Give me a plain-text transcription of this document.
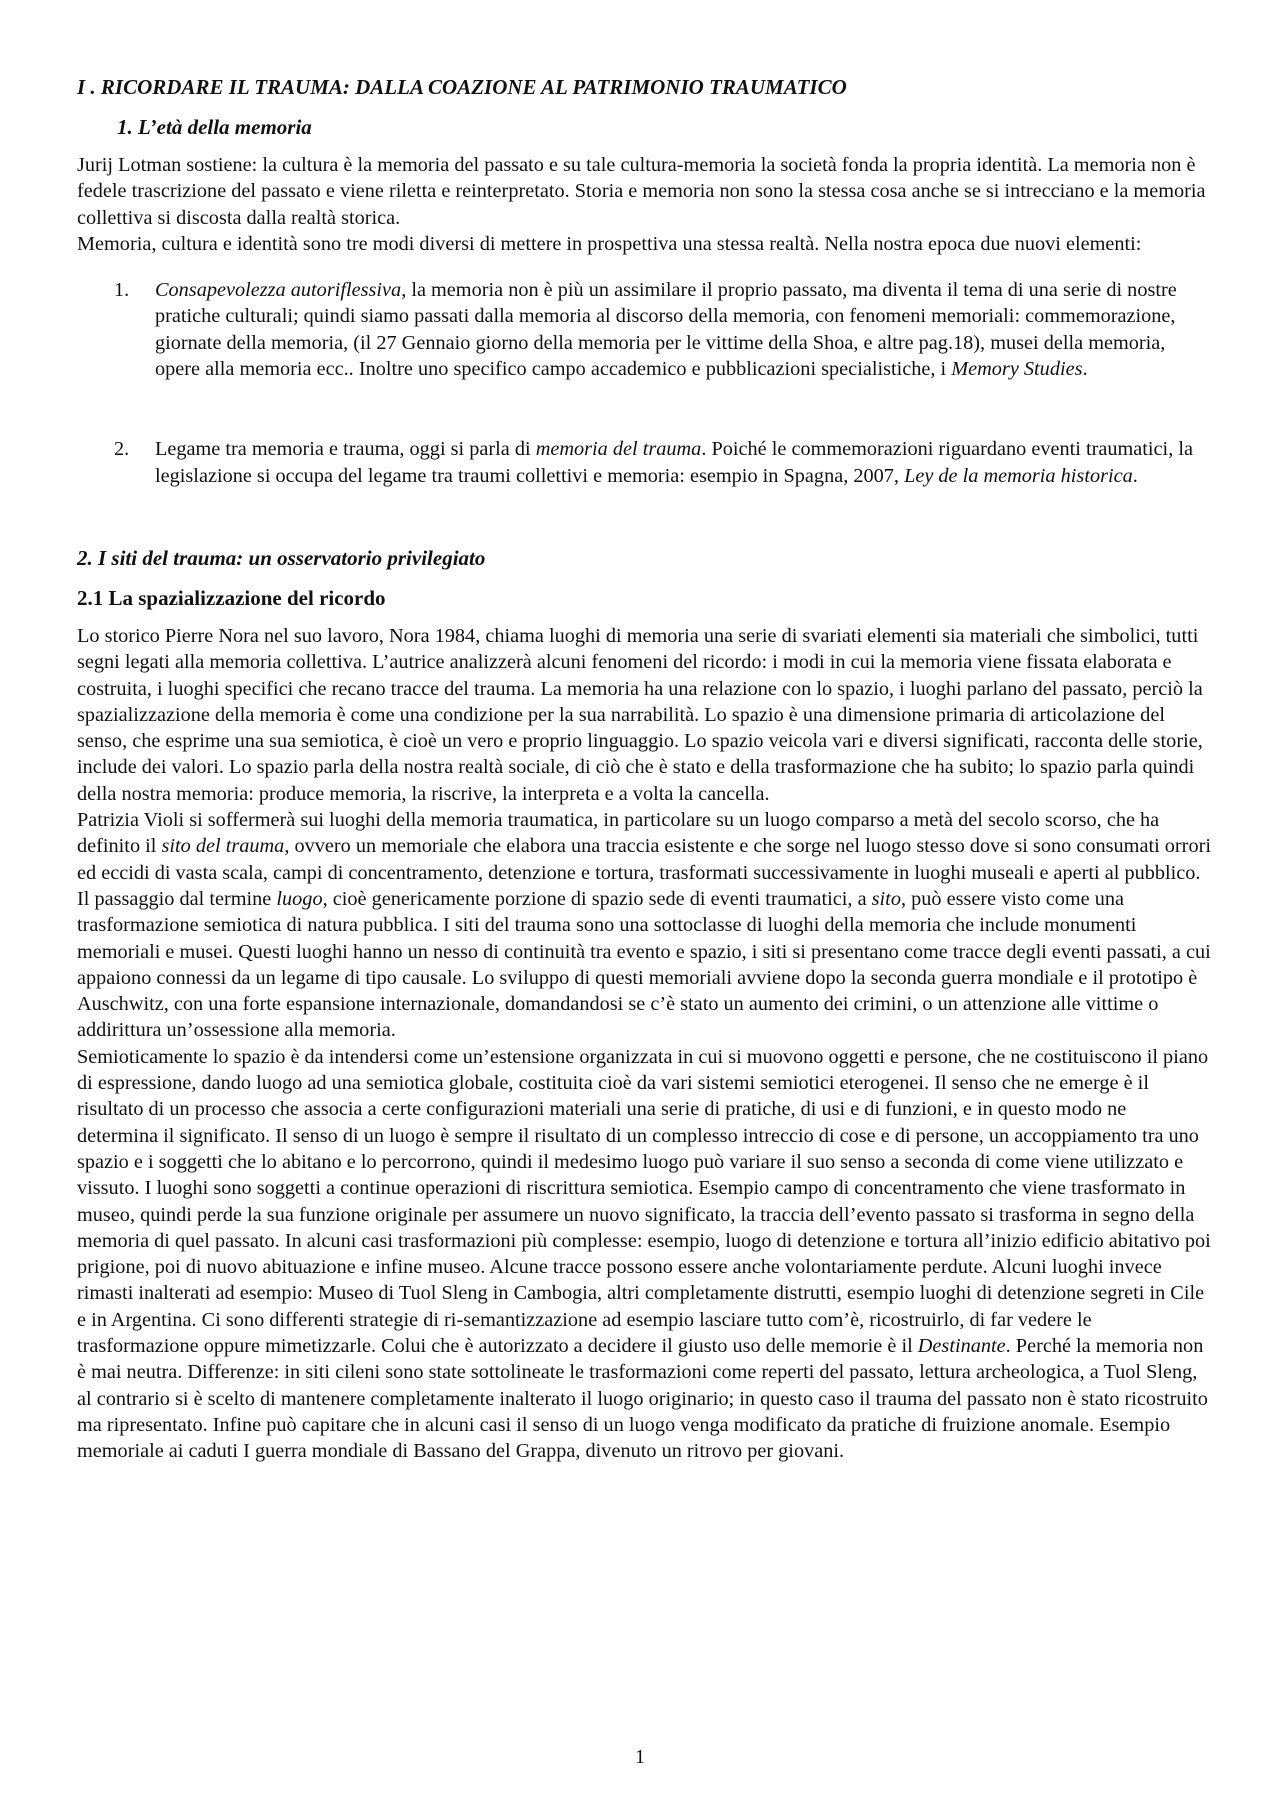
I . RICORDARE IL TRAUMA: DALLA COAZIONE AL PATRIMONIO TRAUMATICO
1. L’età della memoria

Jurij Lotman sostiene: la cultura è la memoria del passato e su tale cultura-memoria la società fonda la propria identità. La memoria non è fedele trascrizione del passato e viene riletta e reinterpretato. Storia e memoria non sono la stessa cosa anche se si intrecciano e la memoria collettiva si discosta dalla realtà storica.

Memoria, cultura e identità sono tre modi diversi di mettere in prospettiva una stessa realtà. Nella nostra epoca due nuovi elementi:

1. Consapevolezza autoriflessiva, la memoria non è più un assimilare il proprio passato, ma diventa il tema di una serie di nostre pratiche culturali; quindi siamo passati dalla memoria al discorso della memoria, con fenomeni memoriali: commemorazione, giornate della memoria, (il 27 Gennaio giorno della memoria per le vittime della Shoa, e altre pag.18), musei della memoria, opere alla memoria ecc.. Inoltre uno specifico campo accademico e pubblicazioni specialistiche, i Memory Studies.
2. Legame tra memoria e trauma, oggi si parla di memoria del trauma. Poiché le commemorazioni riguardano eventi traumatici, la legislazione si occupa del legame tra traumi collettivi e memoria: esempio in Spagna, 2007, Ley de la memoria historica.
2. I siti del trauma: un osservatorio privilegiato
2.1 La spazializzazione del ricordo

Lo storico Pierre Nora nel suo lavoro, Nora 1984, chiama luoghi di memoria una serie di svariati elementi sia materiali che simbolici, tutti segni legati alla memoria collettiva. L’autrice analizzerà alcuni fenomeni del ricordo: i modi in cui la memoria viene fissata elaborata e costruita, i luoghi specifici che recano tracce del trauma. La memoria ha una relazione con lo spazio, i luoghi parlano del passato, perciò la spazializzazione della memoria è come una condizione per la sua narrabilità. Lo spazio è una dimensione primaria di articolazione del senso, che esprime una sua semiotica, è cioè un vero e proprio linguaggio. Lo spazio veicola vari e diversi significati, racconta delle storie, include dei valori. Lo spazio parla della nostra realtà sociale, di ciò che è stato e della trasformazione che ha subito; lo spazio parla quindi della nostra memoria: produce memoria, la riscrive, la interpreta e a volta la cancella.

Patrizia Violi si soffermerà sui luoghi della memoria traumatica, in particolare su un luogo comparso a metà del secolo scorso, che ha definito il sito del trauma, ovvero un memoriale che elabora una traccia esistente e che sorge nel luogo stesso dove si sono consumati orrori ed eccidi di vasta scala, campi di concentramento, detenzione e tortura, trasformati successivamente in luoghi museali e aperti al pubblico. Il passaggio dal termine luogo, cioè genericamente porzione di spazio sede di eventi traumatici, a sito, può essere visto come una trasformazione semiotica di natura pubblica. I siti del trauma sono una sottoclasse di luoghi della memoria che include monumenti memoriali e musei. Questi luoghi hanno un nesso di continuità tra evento e spazio, i siti si presentano come tracce degli eventi passati, a cui appaiono connessi da un legame di tipo causale. Lo sviluppo di questi memoriali avviene dopo la seconda guerra mondiale e il prototipo è Auschwitz, con una forte espansione internazionale, domandandosi se c’è stato un aumento dei crimini, o un attenzione alle vittime o addirittura un’ossessione alla memoria.

Semioticamente lo spazio è da intendersi come un’estensione organizzata in cui si muovono oggetti e persone, che ne costituiscono il piano di espressione, dando luogo ad una semiotica globale, costituita cioè da vari sistemi semiotici eterogenei. Il senso che ne emerge è il risultato di un processo che associa a certe configurazioni materiali una serie di pratiche, di usi e di funzioni, e in questo modo ne determina il significato. Il senso di un luogo è sempre il risultato di un complesso intreccio di cose e di persone, un accoppiamento tra uno spazio e i soggetti che lo abitano e lo percorrono, quindi il medesimo luogo può variare il suo senso a seconda di come viene utilizzato e vissuto. I luoghi sono soggetti a continue operazioni di riscrittura semiotica. Esempio campo di concentramento che viene trasformato in museo, quindi perde la sua funzione originale per assumere un nuovo significato, la traccia dell’evento passato si trasforma in segno della memoria di quel passato. In alcuni casi trasformazioni più complesse: esempio, luogo di detenzione e tortura all’inizio edificio abitativo poi prigione, poi di nuovo abituazione e infine museo. Alcune tracce possono essere anche volontariamente perdute. Alcuni luoghi invece rimasti inalterati ad esempio: Museo di Tuol Sleng in Cambogia, altri completamente distrutti, esempio luoghi di detenzione segreti in Cile e in Argentina. Ci sono differenti strategie di ri-semantizzazione ad esempio lasciare tutto com’è, ricostruirlo, di far vedere le trasformazione oppure mimetizzarle. Colui che è autorizzato a decidere il giusto uso delle memorie è il Destinante. Perché la memoria non è mai neutra. Differenze: in siti cileni sono state sottolineate le trasformazioni come reperti del passato, lettura archeologica, a Tuol Sleng, al contrario si è scelto di mantenere completamente inalterato il luogo originario; in questo caso il trauma del passato non è stato ricostruito ma ripresentato. Infine può capitare che in alcuni casi il senso di un luogo venga modificato da pratiche di fruizione anomale. Esempio memoriale ai caduti I guerra mondiale di Bassano del Grappa, divenuto un ritrovo per giovani.

1
